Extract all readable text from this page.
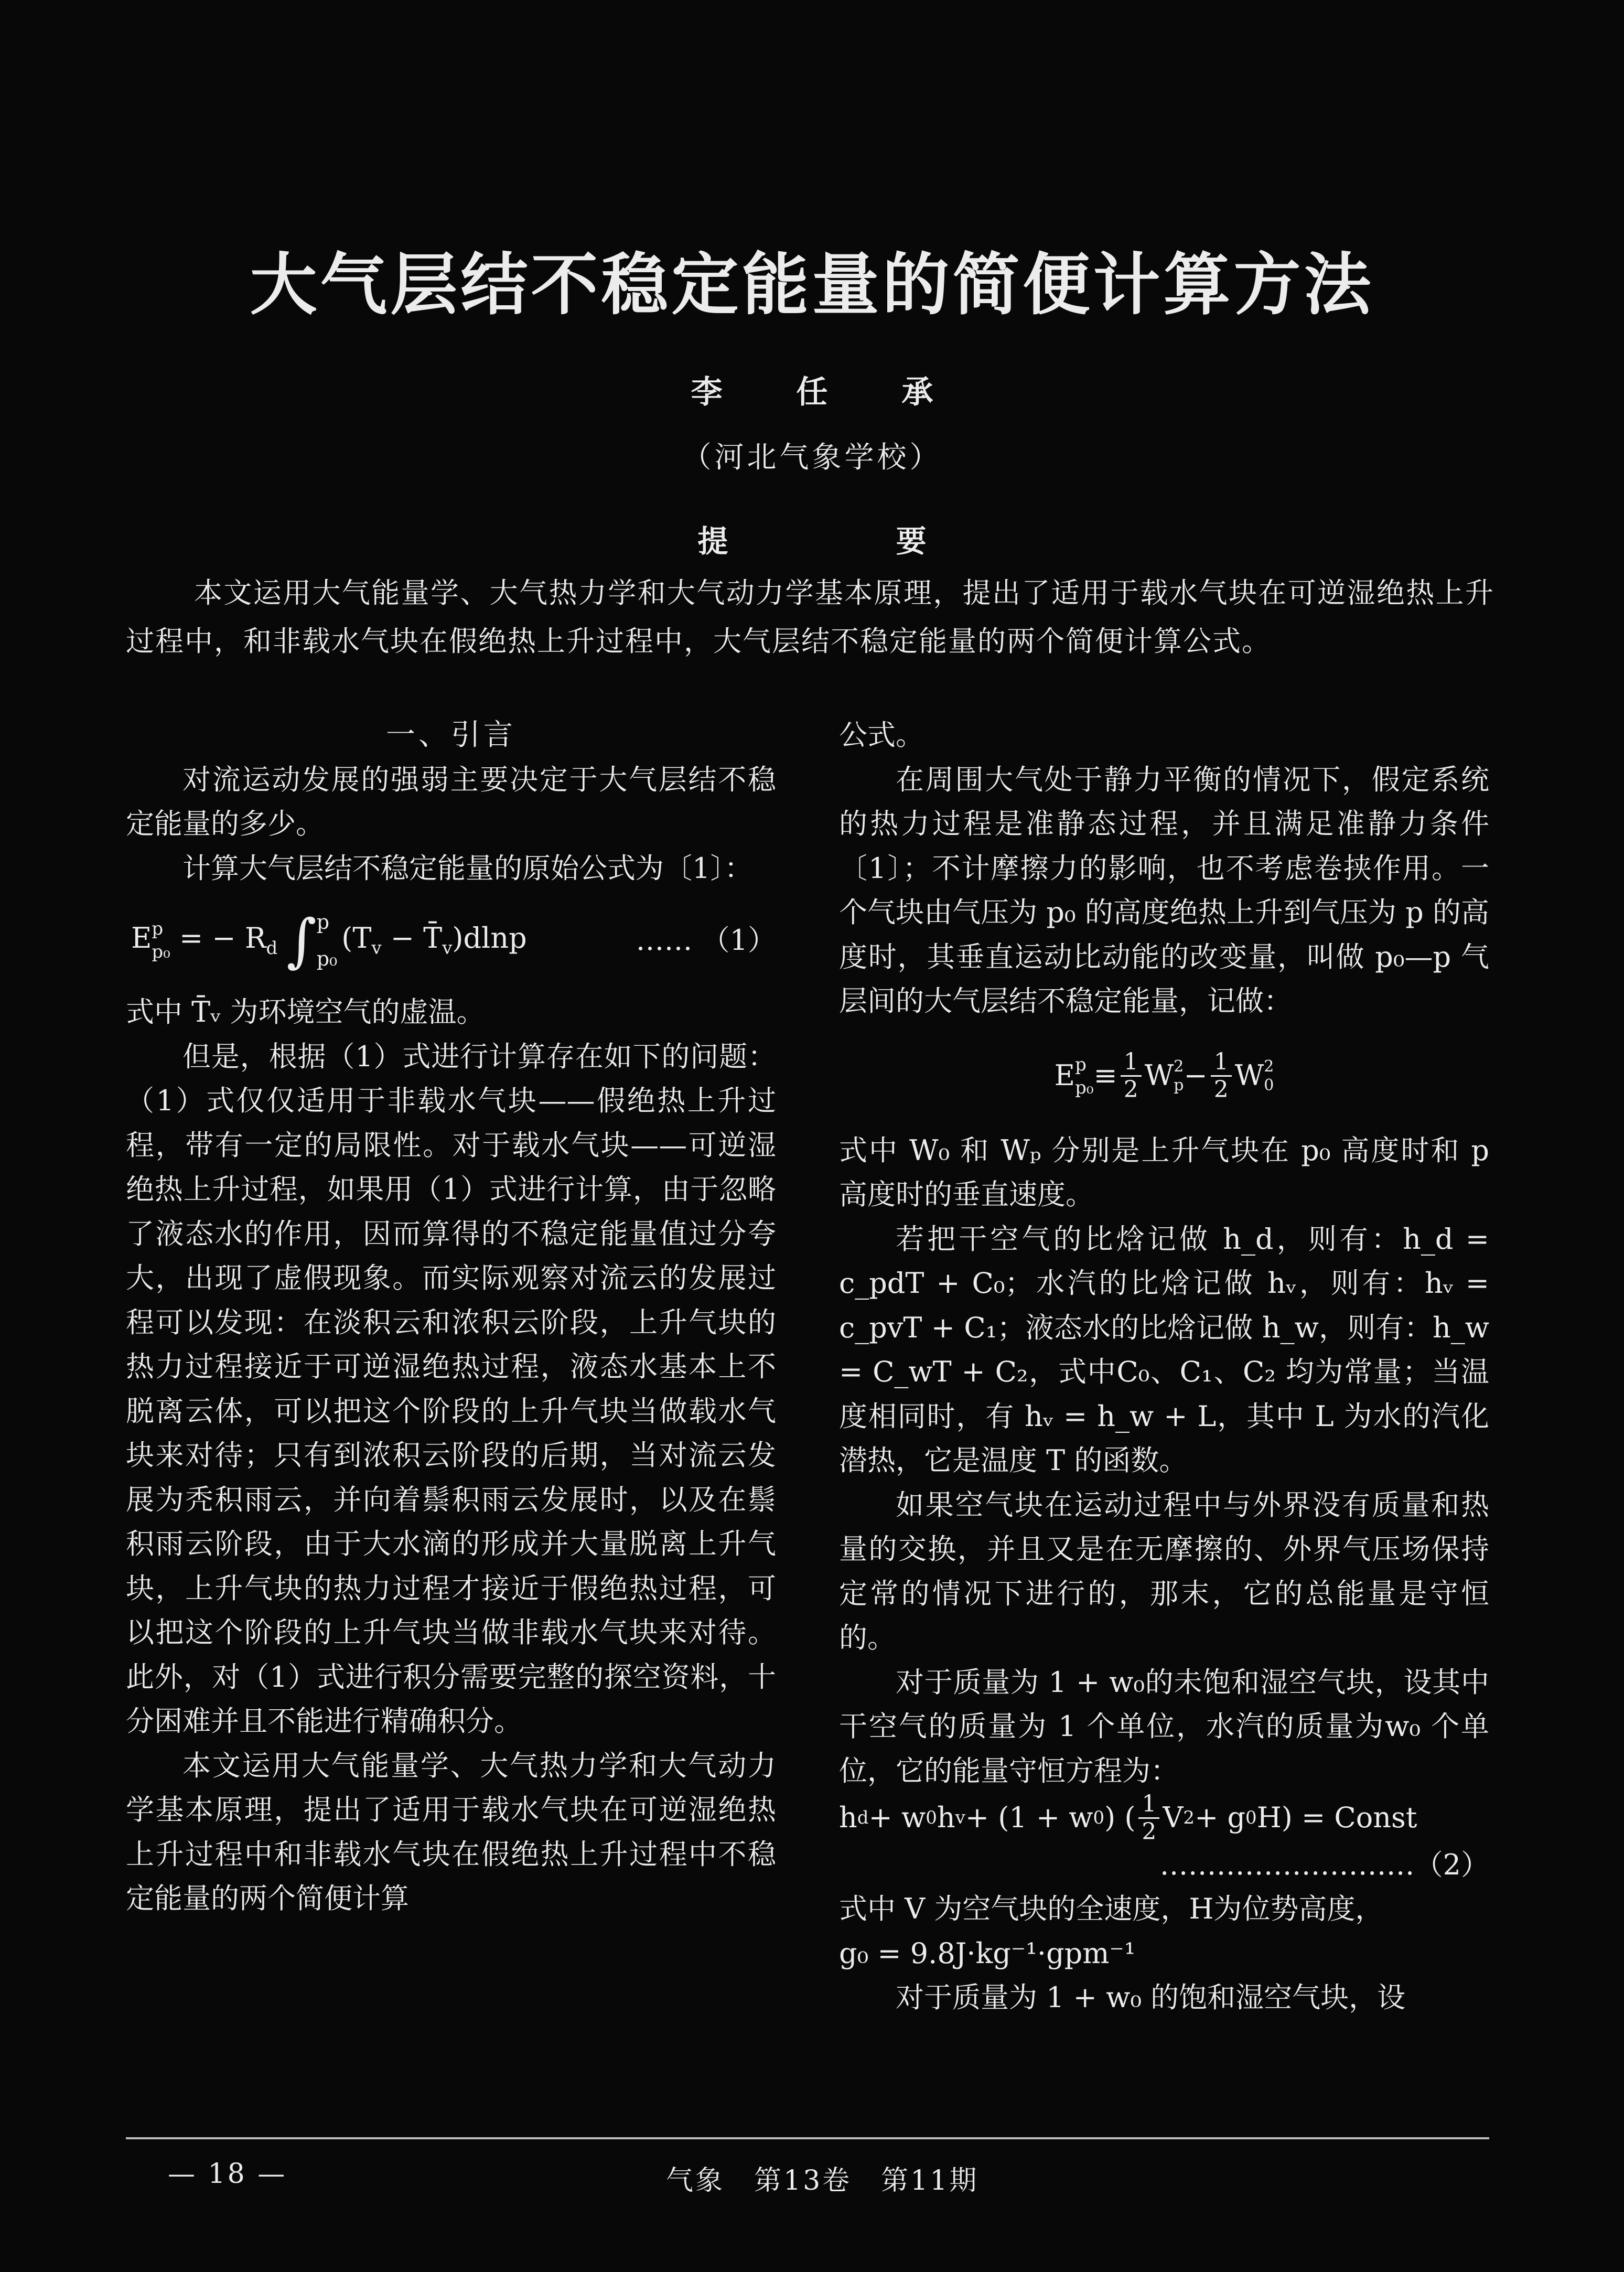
大气层结不稳定能量的简便计算方法
李 任 承
（河北气象学校）
提 要

本文运用大气能量学、大气热力学和大气动力学基本原理，提出了适用于载水气块在可逆湿绝热上升过程中，和非载水气块在假绝热上升过程中，大气层结不稳定能量的两个简便计算公式。

一、引言

对流运动发展的强弱主要决定于大气层结不稳定能量的多少。

计算大气层结不稳定能量的原始公式为〔1〕：

E p
p₀ = − $R_d$ ∫ p
p₀
($T_v$ − $T̄_v)dlnp$	…… （1）

式中 T̄ᵥ 为环境空气的虚温。

但是，根据（1）式进行计算存在如下的问题：（1）式仅仅适用于非载水气块——假绝热上升过程，带有一定的局限性。对于载水气块——可逆湿绝热上升过程，如果用（1）式进行计算，由于忽略了液态水的作用，因而算得的不稳定能量值过分夸大，出现了虚假现象。而实际观察对流云的发展过程可以发现：在淡积云和浓积云阶段，上升气块的热力过程接近于可逆湿绝热过程，液态水基本上不脱离云体，可以把这个阶段的上升气块当做载水气块来对待；只有到浓积云阶段的后期，当对流云发展为秃积雨云，并向着鬃积雨云发展时，以及在鬃积雨云阶段，由于大水滴的形成并大量脱离上升气块，上升气块的热力过程才接近于假绝热过程，可以把这个阶段的上升气块当做非载水气块来对待。此外，对（1）式进行积分需要完整的探空资料，十分困难并且不能进行精确积分。

本文运用大气能量学、大气热力学和大气动力学基本原理，提出了适用于载水气块在可逆湿绝热上升过程中和非载水气块在假绝热上升过程中不稳定能量的两个简便计算

公式。

在周围大气处于静力平衡的情况下，假定系统的热力过程是准静态过程，并且满足准静力条件〔1〕；不计摩擦力的影响，也不考虑卷挟作用。一个气块由气压为 p₀ 的高度绝热上升到气压为 p 的高度时，其垂直运动比动能的改变量，叫做 p₀—p 气层间的大气层结不稳定能量，记做：

E p
$p_0 \equiv \frac{1}{2}$ W 2
$p - \frac{1}{2}$ W 2
0

式中 W₀ 和 Wₚ 分别是上升气块在 p₀ 高度时和 p 高度时的垂直速度。

若把干空气的比焓记做 h_d，则有：h_d = c_pdT + C₀；水汽的比焓记做 hᵥ，则有：hᵥ = c_pvT + C₁；液态水的比焓记做 h_w，则有：h_w = C_wT + C₂，式中C₀、C₁、C₂ 均为常量；当温度相同时，有 hᵥ = h_w + L，其中 L 为水的汽化潜热，它是温度 T 的函数。

如果空气块在运动过程中与外界没有质量和热量的交换，并且又是在无摩擦的、外界气压场保持定常的情况下进行的，那末，它的总能量是守恒的。

对于质量为 1 + w₀的未饱和湿空气块，设其中干空气的质量为 1 个单位，水汽的质量为w₀ 个单位，它的能量守恒方程为：

h d + w 0 h v + (1 + w 0 ) ( $\frac{1}{2}$ V 2 + g 0 H) = Const
………………………（2）

式中 V 为空气块的全速度，H为位势高度，

g₀ = 9.8J·kg⁻¹·gpm⁻¹

对于质量为 1 + w₀ 的饱和湿空气块，设

— 18 —	气象　第13卷　第11期
